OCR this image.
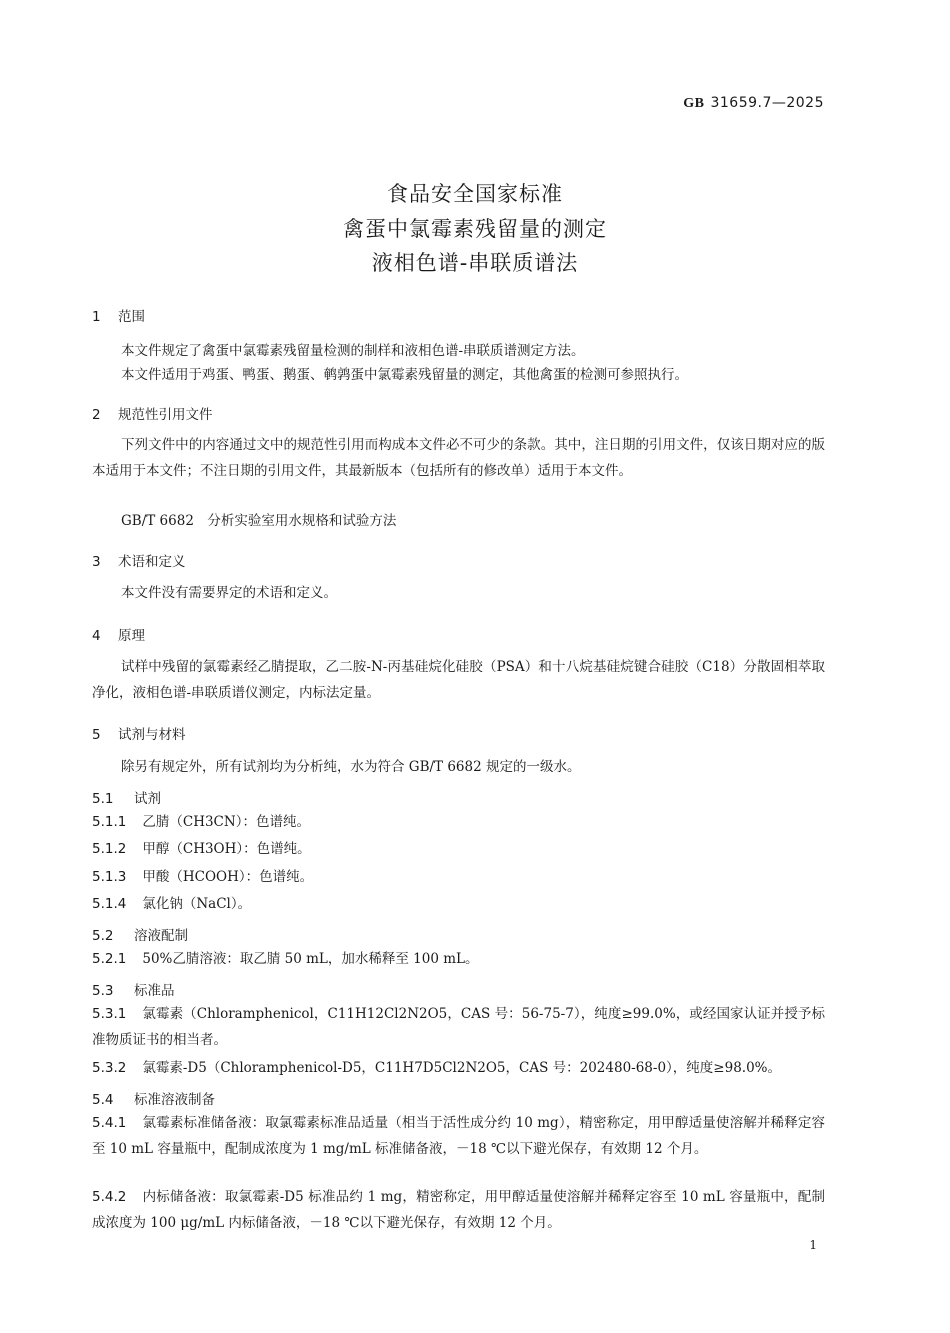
GB 31659.7—2025
食品安全国家标准
禽蛋中氯霉素残留量的测定
液相色谱-串联质谱法
1 范围
本文件规定了禽蛋中氯霉素残留量检测的制样和液相色谱-串联质谱测定方法。
本文件适用于鸡蛋、鸭蛋、鹅蛋、鹌鹑蛋中氯霉素残留量的测定，其他禽蛋的检测可参照执行。
2 规范性引用文件
下列文件中的内容通过文中的规范性引用而构成本文件必不可少的条款。其中，注日期的引用文件，仅该日期对应的版本适用于本文件；不注日期的引用文件，其最新版本（包括所有的修改单）适用于本文件。
GB/T 6682　分析实验室用水规格和试验方法
3 术语和定义
本文件没有需要界定的术语和定义。
4 原理
试样中残留的氯霉素经乙腈提取，乙二胺-N-丙基硅烷化硅胶（PSA）和十八烷基硅烷键合硅胶（C18）分散固相萃取净化，液相色谱-串联质谱仪测定，内标法定量。
5 试剂与材料
除另有规定外，所有试剂均为分析纯，水为符合 GB/T 6682 规定的一级水。
5.1 试剂
5.1.1 乙腈（CH3CN）：色谱纯。
5.1.2 甲醇（CH3OH）：色谱纯。
5.1.3 甲酸（HCOOH）：色谱纯。
5.1.4 氯化钠（NaCl）。
5.2 溶液配制
5.2.1 50%乙腈溶液：取乙腈 50 mL，加水稀释至 100 mL。
5.3 标准品
5.3.1 氯霉素（Chloramphenicol，C11H12Cl2N2O5，CAS 号：56-75-7），纯度≥99.0%，或经国家认证并授予标准物质证书的相当者。
5.3.2 氯霉素-D5（Chloramphenicol-D5，C11H7D5Cl2N2O5，CAS 号：202480-68-0），纯度≥98.0%。
5.4 标准溶液制备
5.4.1 氯霉素标准储备液：取氯霉素标准品适量（相当于活性成分约 10 mg），精密称定，用甲醇适量使溶解并稀释定容至 10 mL 容量瓶中，配制成浓度为 1 mg/mL 标准储备液，－18 ℃以下避光保存，有效期 12 个月。
5.4.2 内标储备液：取氯霉素-D5 标准品约 1 mg，精密称定，用甲醇适量使溶解并稀释定容至 10 mL 容量瓶中，配制成浓度为 100 μg/mL 内标储备液，－18 ℃以下避光保存，有效期 12 个月。
1
